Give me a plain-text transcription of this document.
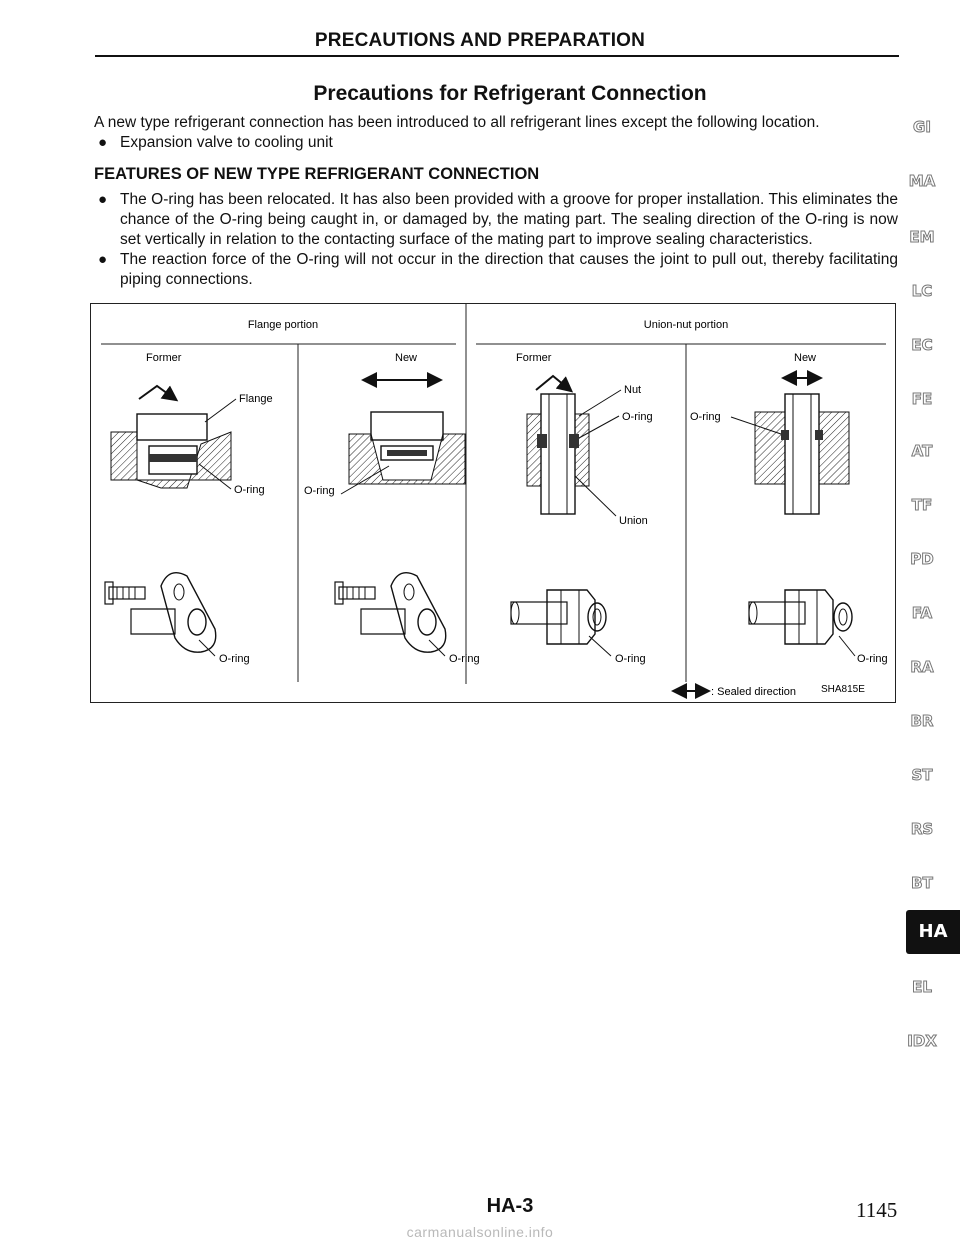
PRECAUTIONS AND PREPARATION
Precautions for Refrigerant Connection
A new type refrigerant connection has been introduced to all refrigerant lines except the following location.
● Expansion valve to cooling unit
FEATURES OF NEW TYPE REFRIGERANT CONNECTION
● The O-ring has been relocated. It has also been provided with a groove for proper installation. This eliminates the chance of the O-ring being caught in, or damaged by, the mating part. The sealing direction of the O-ring is now set vertically in relation to the contacting surface of the mating part to improve sealing characteristics.
● The reaction force of the O-ring will not occur in the direction that causes the joint to pull out, thereby facilitating piping connections.
Flange portion	Union-nut portion
Former	New	Former	New
Flange
O-ring	O-ring
O-ring	O-ring
Nut
O-ring
Union
O-ring
O-ring	O-ring
: Sealed direction	SHA815E
GI
MA
EM
LC
EC
FE
AT
TF
PD
FA
RA
BR
ST
RS
BT
HA
EL
IDX
HA-3	1145
carmanualsonline.info
